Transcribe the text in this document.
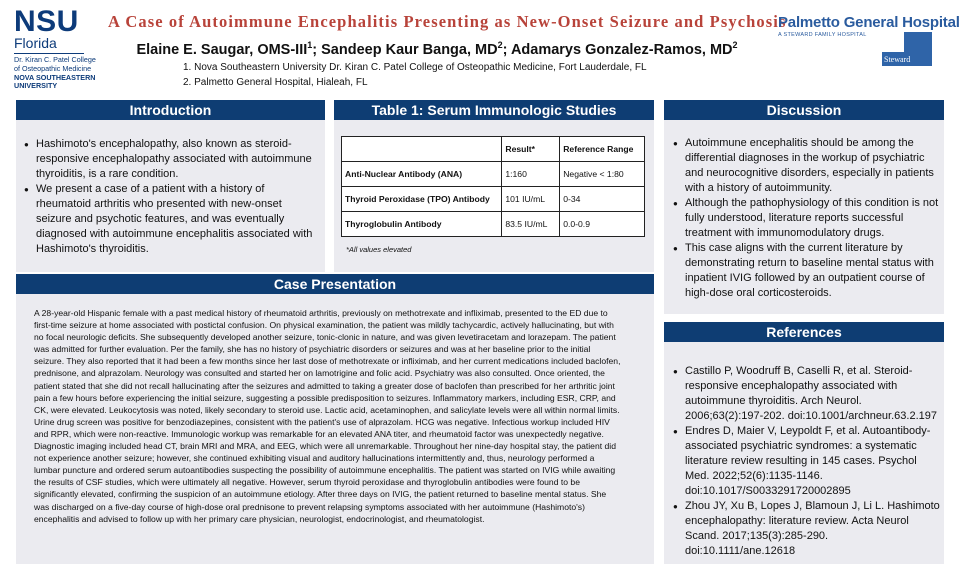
NSU
Florida
Dr. Kiran C. Patel College
of Osteopathic Medicine
NOVA SOUTHEASTERN
UNIVERSITY
A Case of Autoimmune Encephalitis Presenting as New-Onset Seizure and Psychosis
Elaine E. Saugar, OMS-III$^1$; Sandeep Kaur Banga, $MD^2$; Adamarys Gonzalez-Ramos, $MD^2$
1. Nova Southeastern University Dr. Kiran C. Patel College of Osteopathic Medicine, Fort Lauderdale, FL
2. Palmetto General Hospital, Hialeah, FL
Palmetto General Hospital
A STEWARD FAMILY HOSPITAL
Steward
Introduction
● Hashimoto's encephalopathy, also known as steroid-responsive encephalopathy associated with autoimmune thyroiditis, is a rare condition.
● We present a case of a patient with a history of rheumatoid arthritis who presented with new-onset seizure and psychotic features, and was eventually diagnosed with autoimmune encephalitis associated with Hashimoto's thyroiditis.
Table 1: Serum Immunologic Studies
	Result*	Reference Range
Anti-Nuclear Antibody (ANA)	1:160	Negative < 1:80
Thyroid Peroxidase (TPO) Antibody	101 IU/mL	0-34
Thyroglobulin Antibody	83.5 IU/mL	0.0-0.9
*All values elevated
Case Presentation
A 28-year-old Hispanic female with a past medical history of rheumatoid arthritis, previously on methotrexate and infliximab, presented to the ED due to first-time seizure at home associated with postictal confusion. On physical examination, the patient was mildly tachycardic, actively hallucinating, but with no focal neurologic deficits. She subsequently developed another seizure, tonic-clonic in nature, and was given levetiracetam and lorazepam. The patient was admitted for further evaluation. Per the family, she has no history of psychiatric disorders or seizures and was at her baseline prior to the initial seizure. They also reported that it had been a few months since her last dose of methotrexate or infliximab, and her current medications included baclofen, prednisone, and alprazolam. Neurology was consulted and started her on lamotrigine and folic acid. Psychiatry was also consulted. Once oriented, the patient stated that she did not recall hallucinating after the seizures and admitted to taking a greater dose of baclofen than prescribed for her arthritic joint pain a few hours before experiencing the initial seizure, suggesting a possible predisposition to seizures. Inflammatory markers, including ESR, CRP, and CK, were elevated. Leukocytosis was noted, likely secondary to steroid use. Lactic acid, acetaminophen, and salicylate levels were all within normal limits. Urine drug screen was positive for benzodiazepines, consistent with the patient's use of alprazolam. HCG was negative. Infectious workup included HIV and RPR, which were non-reactive. Immunologic workup was remarkable for an elevated ANA titer, and rheumatoid factor was unexpectedly negative. Diagnostic imaging included head CT, brain MRI and MRA, and EEG, which were all unremarkable. Throughout her nine-day hospital stay, the patient did not experience another seizure; however, she continued exhibiting visual and auditory hallucinations intermittently and, thus, neurology performed a lumbar puncture and ordered serum autoantibodies suspecting the possibility of autoimmune encephalitis. The patient was started on IVIG while awaiting the results of CSF studies, which were ultimately all negative. However, serum thyroid peroxidase and thyroglobulin antibodies were found to be significantly elevated, confirming the suspicion of an autoimmune etiology. After three days on IVIG, the patient returned to baseline mental status. She was discharged on a five-day course of high-dose oral prednisone to prevent relapsing symptoms associated with her autoimmune (Hashimoto's) encephalitis and advised to follow up with her primary care physician, neurologist, endocrinologist, and rheumatologist.
Discussion
● Autoimmune encephalitis should be among the differential diagnoses in the workup of psychiatric and neurocognitive disorders, especially in patients with a history of autoimmunity.
● Although the pathophysiology of this condition is not fully understood, literature reports successful treatment with immunomodulatory drugs.
● This case aligns with the current literature by demonstrating return to baseline mental status with inpatient IVIG followed by an outpatient course of high-dose oral corticosteroids.
References
● Castillo P, Woodruff B, Caselli R, et al. Steroid-responsive encephalopathy associated with autoimmune thyroiditis. Arch Neurol. 2006;63(2):197-202. doi:10.1001/archneur.63.2.197
● Endres D, Maier V, Leypoldt F, et al. Autoantibody-associated psychiatric syndromes: a systematic literature review resulting in 145 cases. Psychol Med. 2022;52(6):1135-1146. doi:10.1017/S0033291720002895
● Zhou JY, Xu B, Lopes J, Blamoun J, Li L. Hashimoto encephalopathy: literature review. Acta Neurol Scand. 2017;135(3):285-290. doi:10.1111/ane.12618
